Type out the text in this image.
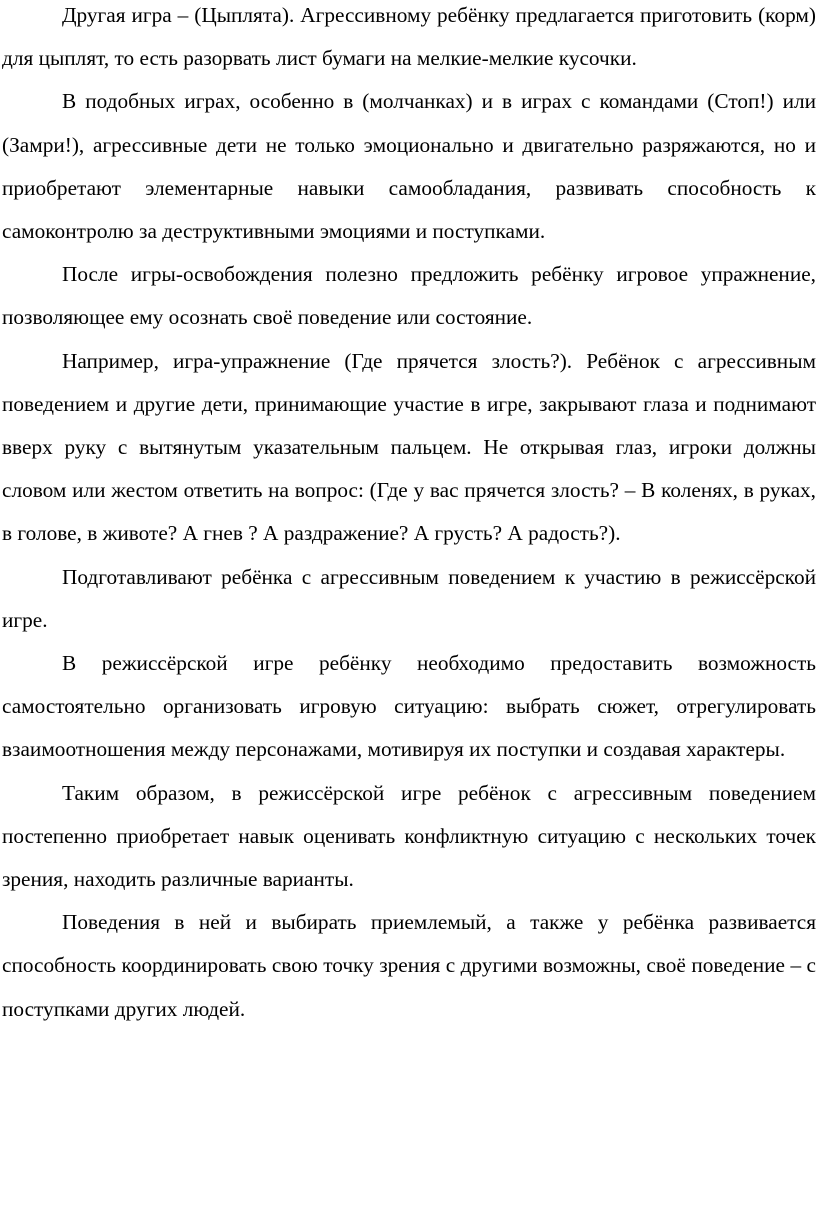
Другая игра – (Цыплята). Агрессивному ребёнку предлагается приготовить (корм) для цыплят, то есть разорвать лист бумаги на мелкие-мелкие кусочки.

В подобных играх, особенно в (молчанках) и в играх с командами (Стоп!) или (Замри!), агрессивные дети не только эмоционально и двигательно разряжаются, но и приобретают элементарные навыки самообладания, развивать способность к самоконтролю за деструктивными эмоциями и поступками.

После игры-освобождения полезно предложить ребёнку игровое упражнение, позволяющее ему осознать своё поведение или состояние.

Например, игра-упражнение (Где прячется злость?). Ребёнок с агрессивным поведением и другие дети, принимающие участие в игре, закрывают глаза и поднимают вверх руку с вытянутым указательным пальцем. Не открывая глаз, игроки должны словом или жестом ответить на вопрос: (Где у вас прячется злость? – В коленях, в руках, в голове, в животе? А гнев ? А раздражение? А грусть? А радость?).

Подготавливают ребёнка с агрессивным поведением к участию в режиссёрской игре.

В режиссёрской игре ребёнку необходимо предоставить возможность самостоятельно организовать игровую ситуацию: выбрать сюжет, отрегулировать взаимоотношения между персонажами, мотивируя их поступки и создавая характеры.

Таким образом, в режиссёрской игре ребёнок с агрессивным поведением постепенно приобретает навык оценивать конфликтную ситуацию с нескольких точек зрения, находить различные варианты.

Поведения в ней и выбирать приемлемый, а также у ребёнка развивается способность координировать свою точку зрения с другими возможны, своё поведение – с поступками других людей.
